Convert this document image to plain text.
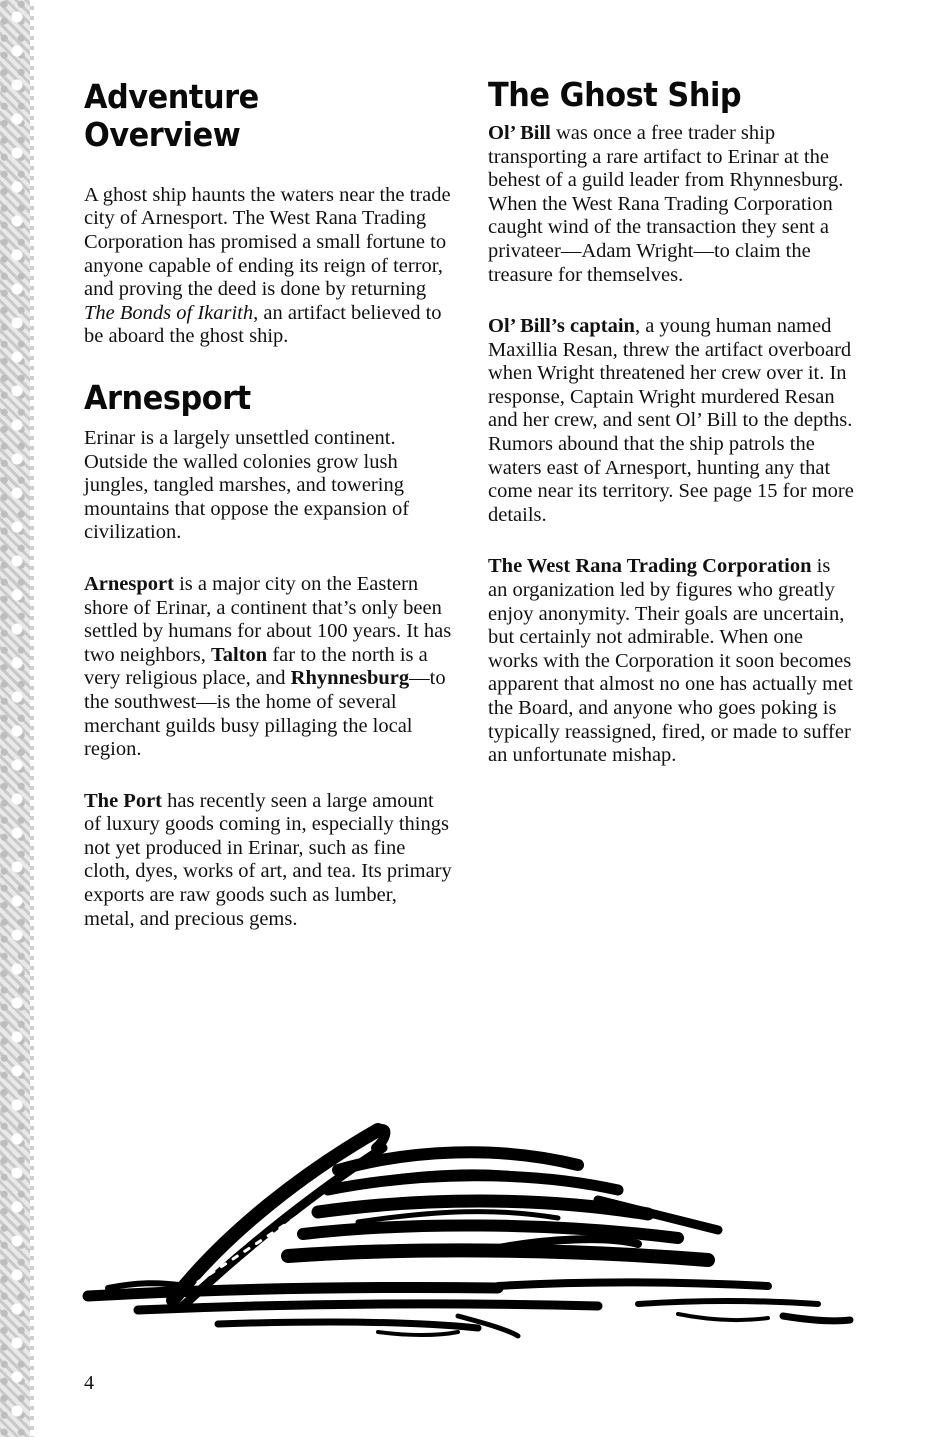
Adventure Overview

A ghost ship haunts the waters near the trade city of Arnesport. The West Rana Trading Corporation has promised a small fortune to anyone capable of ending its reign of terror, and proving the deed is done by returning The Bonds of Ikarith, an artifact believed to be aboard the ghost ship.

Arnesport

Erinar is a largely unsettled continent. Outside the walled colonies grow lush jungles, tangled marshes, and towering mountains that oppose the expansion of civilization.

Arnesport is a major city on the Eastern shore of Erinar, a continent that’s only been settled by humans for about 100 years. It has two neighbors, Talton far to the north is a very religious place, and Rhynnesburg—to the southwest—is the home of several merchant guilds busy pillaging the local region.

The Port has recently seen a large amount of luxury goods coming in, especially things not yet produced in Erinar, such as fine cloth, dyes, works of art, and tea. Its primary exports are raw goods such as lumber, metal, and precious gems.

The Ghost Ship

Ol’ Bill was once a free trader ship transporting a rare artifact to Erinar at the behest of a guild leader from Rhynnesburg. When the West Rana Trading Corporation caught wind of the transaction they sent a privateer—Adam Wright—to claim the treasure for themselves.

Ol’ Bill’s captain, a young human named Maxillia Resan, threw the artifact overboard when Wright threatened her crew over it. In response, Captain Wright murdered Resan and her crew, and sent Ol’ Bill to the depths. Rumors abound that the ship patrols the waters east of Arnesport, hunting any that come near its territory. See page 15 for more details.

The West Rana Trading Corporation is an organization led by figures who greatly enjoy anonymity. Their goals are uncertain, but certainly not admirable. When one works with the Corporation it soon becomes apparent that almost no one has actually met the Board, and anyone who goes poking is typically reassigned, fired, or made to suffer an unfortunate mishap.

4
